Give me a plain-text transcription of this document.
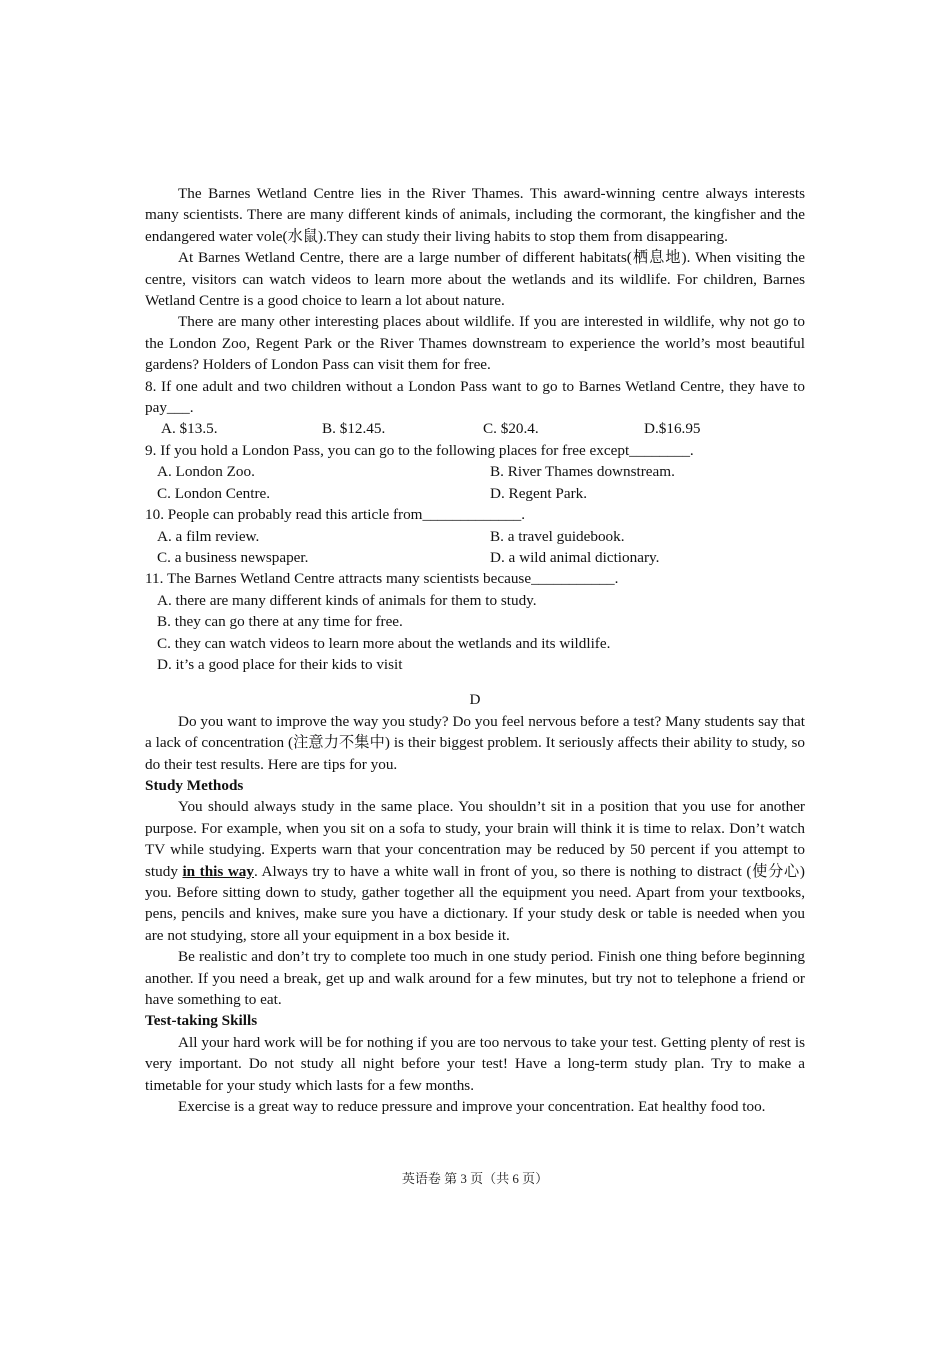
The Barnes Wetland Centre lies in the River Thames. This award-winning centre always interests many scientists. There are many different kinds of animals, including the cormorant, the kingfisher and the endangered water vole(水鼠).They can study their living habits to stop them from disappearing.

At Barnes Wetland Centre, there are a large number of different habitats(栖息地). When visiting the centre, visitors can watch videos to learn more about the wetlands and its wildlife. For children, Barnes Wetland Centre is a good choice to learn a lot about nature.

There are many other interesting places about wildlife. If you are interested in wildlife, why not go to the London Zoo, Regent Park or the River Thames downstream to experience the world’s most beautiful gardens? Holders of London Pass can visit them for free.

8. If one adult and two children without a London Pass want to go to Barnes Wetland Centre, they have to pay___.

A. $13.5.	B. $12.45.	C. $20.4.	D.$16.95

9. If you hold a London Pass, you can go to the following places for free except________.

A. London Zoo.	B. River Thames downstream.
C. London Centre.	D. Regent Park.

10. People can probably read this article from_____________.

A. a film review.	B. a travel guidebook.
C. a business newspaper.	D. a wild animal dictionary.

11. The Barnes Wetland Centre attracts many scientists because___________.

A. there are many different kinds of animals for them to study.

B. they can go there at any time for free.

C. they can watch videos to learn more about the wetlands and its wildlife.

D. it’s a good place for their kids to visit

D

Do you want to improve the way you study? Do you feel nervous before a test? Many students say that a lack of concentration (注意力不集中) is their biggest problem. It seriously affects their ability to study, so do their test results. Here are tips for you.

Study Methods

You should always study in the same place. You shouldn’t sit in a position that you use for another purpose. For example, when you sit on a sofa to study, your brain will think it is time to relax. Don’t watch TV while studying. Experts warn that your concentration may be reduced by 50 percent if you attempt to study in this way. Always try to have a white wall in front of you, so there is nothing to distract (使分心) you. Before sitting down to study, gather together all the equipment you need. Apart from your textbooks, pens, pencils and knives, make sure you have a dictionary. If your study desk or table is needed when you are not studying, store all your equipment in a box beside it.

Be realistic and don’t try to complete too much in one study period. Finish one thing before beginning another. If you need a break, get up and walk around for a few minutes, but try not to telephone a friend or have something to eat.

Test-taking Skills

All your hard work will be for nothing if you are too nervous to take your test. Getting plenty of rest is very important. Do not study all night before your test! Have a long-term study plan. Try to make a timetable for your study which lasts for a few months.

Exercise is a great way to reduce pressure and improve your concentration. Eat healthy food too.

英语卷 第 3 页（共 6 页）
